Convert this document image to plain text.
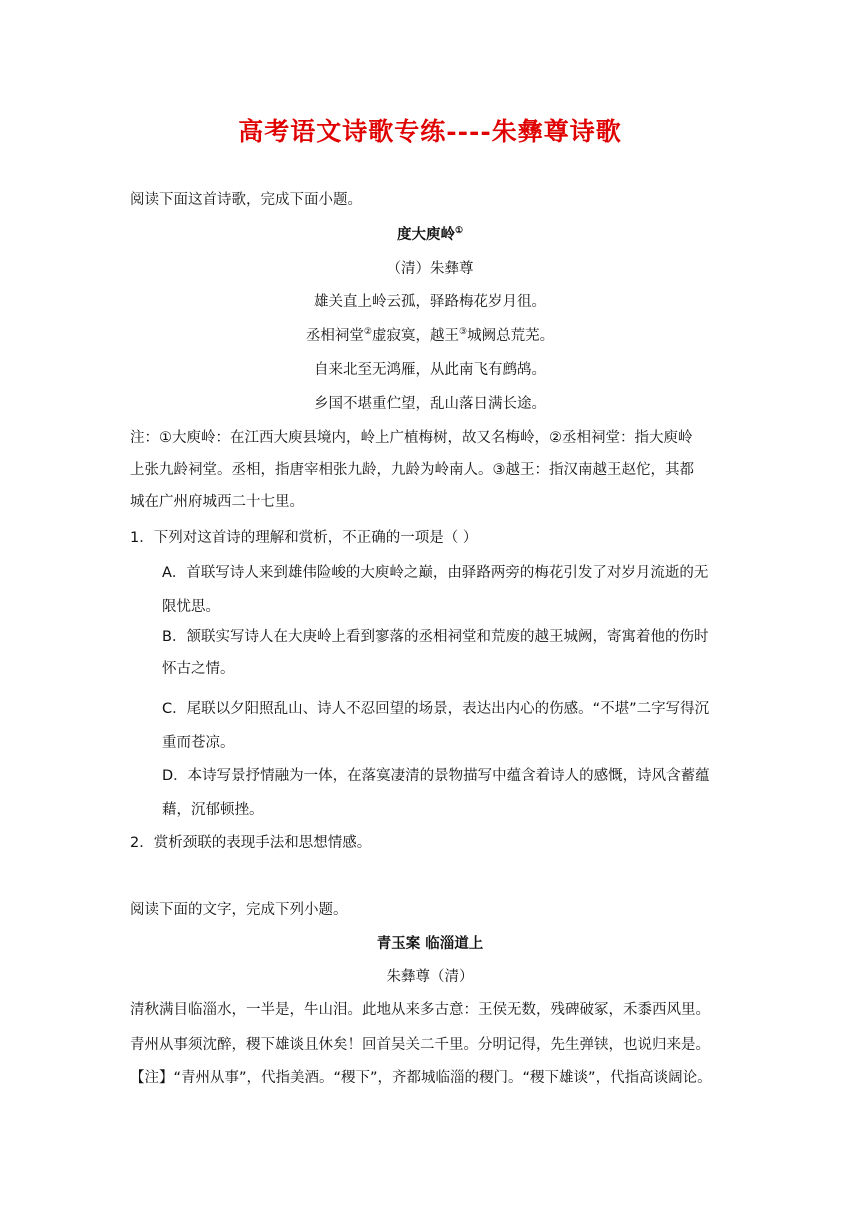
高考语文诗歌专练----朱彝尊诗歌
阅读下面这首诗歌，完成下面小题。
度大庾岭①
（清）朱彝尊
雄关直上岭云孤，驿路梅花岁月徂。
丞相祠堂②虚寂寞，越王③城阙总荒芜。
自来北至无鸿雁，从此南飞有鹧鸪。
乡国不堪重伫望，乱山落日满长途。
注：①大庾岭：在江西大庾县境内，岭上广植梅树，故又名梅岭，②丞相祠堂：指大庾岭
上张九龄祠堂。丞相，指唐宰相张九龄，九龄为岭南人。③越王：指汉南越王赵佗，其都
城在广州府城西二十七里。
1．下列对这首诗的理解和赏析，不正确的一项是（ ）
A．首联写诗人来到雄伟险峻的大庾岭之巅，由驿路两旁的梅花引发了对岁月流逝的无
限忧思。
B．颔联实写诗人在大庚岭上看到寥落的丞相祠堂和荒废的越王城阙，寄寓着他的伤时
怀古之情。
C．尾联以夕阳照乱山、诗人不忍回望的场景，表达出内心的伤感。“不堪”二字写得沉
重而苍凉。
D．本诗写景抒情融为一体，在落寞凄清的景物描写中蕴含着诗人的感慨，诗风含蓄蕴
藉，沉郁顿挫。
2．赏析颈联的表现手法和思想情感。
阅读下面的文字，完成下列小题。
青玉案 临淄道上
朱彝尊（清）
清秋满目临淄水，一半是，牛山泪。此地从来多古意：王侯无数，残碑破冢，禾黍西风里。
青州从事须沈醉，稷下雄谈且休矣！回首吴关二千里。分明记得，先生弹铗，也说归来是。
【注】“青州从事”，代指美酒。“稷下”，齐都城临淄的稷门。“稷下雄谈”，代指高谈阔论。
